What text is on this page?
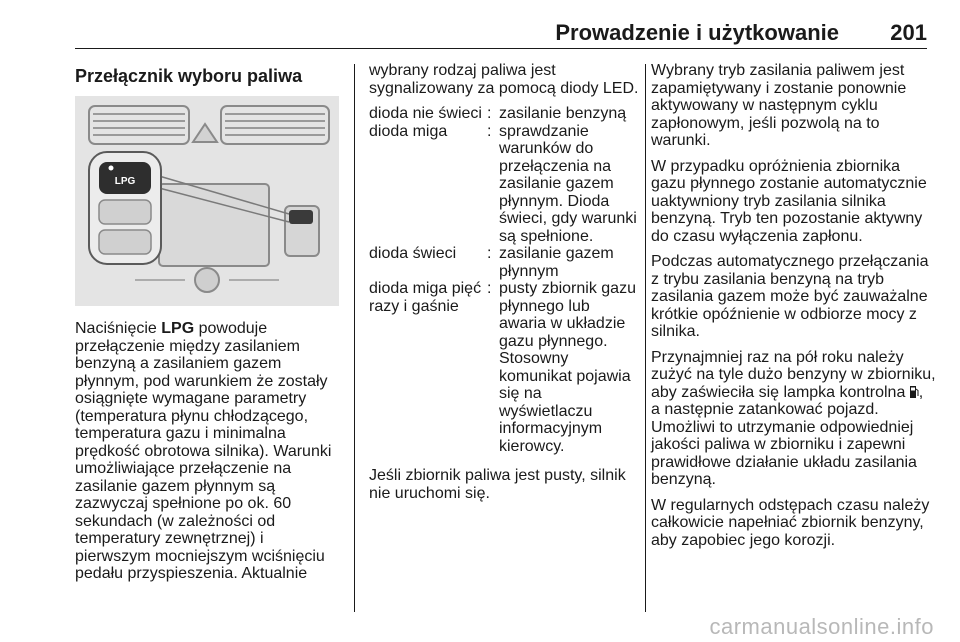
Prowadzenie i użytkowanie 201
Przełącznik wyboru paliwa
LPG
Naciśnięcie LPG powoduje przełączenie między zasilaniem benzyną a zasilaniem gazem płynnym, pod warunkiem że zostały osiągnięte wymagane parametry (temperatura płynu chłodzącego, temperatura gazu i minimalna prędkość obrotowa silnika). Warunki umożliwiające przełączenie na zasilanie gazem płynnym są zazwyczaj spełnione po ok. 60 sekundach (w zależności od temperatury zewnętrznej) i pierwszym mocniejszym wciśnięciu pedału przyspieszenia. Aktualnie

wybrany rodzaj paliwa jest sygnalizowany za pomocą diody LED.

dioda nie świeci	:	zasilanie benzyną
dioda miga	:	sprawdzanie warunków do przełączenia na zasilanie gazem płynnym. Dioda świeci, gdy warunki są spełnione.
dioda świeci	:	zasilanie gazem płynnym
dioda miga pięć razy i gaśnie	:	pusty zbiornik gazu płynnego lub awaria w układzie gazu płynnego. Stosowny komunikat pojawia się na wyświetlaczu informacyjnym kierowcy.

Jeśli zbiornik paliwa jest pusty, silnik nie uruchomi się.

Wybrany tryb zasilania paliwem jest zapamiętywany i zostanie ponownie aktywowany w następnym cyklu zapłonowym, jeśli pozwolą na to warunki.

W przypadku opróżnienia zbiornika gazu płynnego zostanie automatycznie uaktywniony tryb zasilania silnika benzyną. Tryb ten pozostanie aktywny do czasu wyłączenia zapłonu.

Podczas automatycznego przełączania z trybu zasilania benzyną na tryb zasilania gazem może być zauważalne krótkie opóźnienie w odbiorze mocy z silnika.

Przynajmniej raz na pół roku należy zużyć na tyle dużo benzyny w zbiorniku, aby zaświeciła się lampka kontrolna , a następnie zatankować pojazd. Umożliwi to utrzymanie odpowiedniej jakości paliwa w zbiorniku i zapewni prawidłowe działanie układu zasilania benzyną.

W regularnych odstępach czasu należy całkowicie napełniać zbiornik benzyny, aby zapobiec jego korozji.

carmanualsonline.info
